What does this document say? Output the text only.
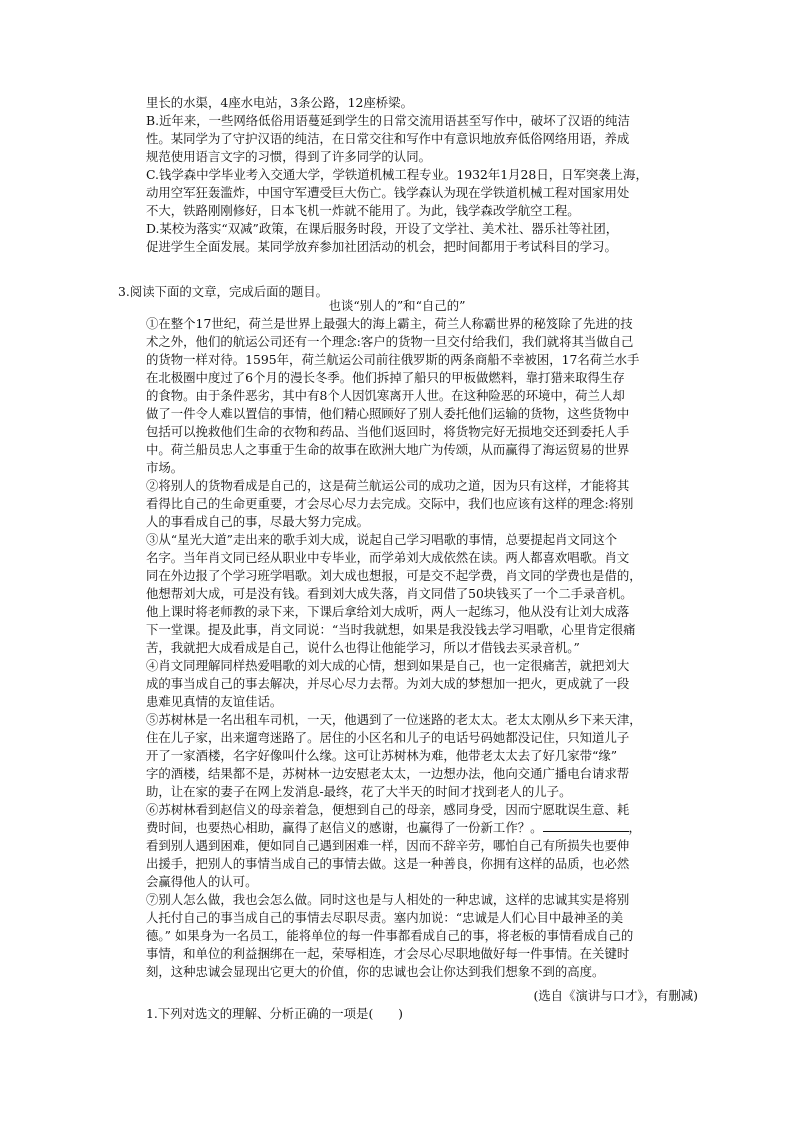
里长的水渠，4座水电站，3条公路，12座桥梁。
B.近年来，一些网络低俗用语蔓延到学生的日常交流用语甚至写作中，破坏了汉语的纯洁
性。某同学为了守护汉语的纯洁，在日常交往和写作中有意识地放弃低俗网络用语，养成
规范使用语言文字的习惯，得到了许多同学的认同。
C.钱学森中学毕业考入交通大学，学铁道机械工程专业。1932年1月28日，日军突袭上海，
动用空军狂轰滥炸，中国守军遭受巨大伤亡。钱学森认为现在学铁道机械工程对国家用处
不大，铁路刚刚修好，日本飞机一炸就不能用了。为此，钱学森改学航空工程。
D.某校为落实“双减”政策，在课后服务时段，开设了文学社、美术社、器乐社等社团，
促进学生全面发展。某同学放弃参加社团活动的机会，把时间都用于考试科目的学习。
3.阅读下面的文章，完成后面的题目。
也谈“别人的”和“自己的”
①在整个17世纪，荷兰是世界上最强大的海上霸主，荷兰人称霸世界的秘笈除了先进的技
术之外，他们的航运公司还有一个理念:客户的货物一旦交付给我们，我们就将其当做自己
的货物一样对待。1595年，荷兰航运公司前往俄罗斯的两条商船不幸被困，17名荷兰水手
在北极圈中度过了6个月的漫长冬季。他们拆掉了船只的甲板做燃料，靠打猎来取得生存
的食物。由于条件恶劣，其中有8个人因饥寒离开人世。在这种险恶的环境中，荷兰人却
做了一件令人难以置信的事情，他们精心照顾好了别人委托他们运输的货物，这些货物中
包括可以挽救他们生命的衣物和药品、当他们返回时，将货物完好无损地交还到委托人手
中。荷兰船员忠人之事重于生命的故事在欧洲大地广为传颂，从而赢得了海运贸易的世界
市场。
②将别人的货物看成是自己的，这是荷兰航运公司的成功之道，因为只有这样，才能将其
看得比自己的生命更重要，才会尽心尽力去完成。交际中，我们也应该有这样的理念:将别
人的事看成自己的事，尽最大努力完成。
③从“星光大道”走出来的歌手刘大成，说起自己学习唱歌的事情，总要提起肖文同这个
名字。当年肖文同已经从职业中专毕业，而学弟刘大成依然在读。两人都喜欢唱歌。肖文
同在外边报了个学习班学唱歌。刘大成也想报，可是交不起学费，肖文同的学费也是借的，
他想帮刘大成，可是没有钱。看到刘大成失落，肖文同借了50块钱买了一个二手录音机。
他上课时将老师教的录下来，下课后拿给刘大成听，两人一起练习，他从没有让刘大成落
下一堂课。提及此事，肖文同说：“当时我就想，如果是我没钱去学习唱歌，心里肯定很痛
苦，我就把大成看成是自己，说什么也得让他能学习，所以才借钱去买录音机。”
④肖文同理解同样热爱唱歌的刘大成的心情，想到如果是自己，也一定很痛苦，就把刘大
成的事当成自己的事去解决，并尽心尽力去帮。为刘大成的梦想加一把火，更成就了一段
患难见真情的友谊佳话。
⑤苏树林是一名出租车司机，一天，他遇到了一位迷路的老太太。老太太刚从乡下来天津，
住在儿子家，出来遛弯迷路了。居住的小区名和儿子的电话号码她都没记住，只知道儿子
开了一家酒楼，名字好像叫什么缘。这可让苏树林为难，他带老太太去了好几家带“缘”
字的酒楼，结果都不是，苏树林一边安慰老太太，一边想办法，他向交通广播电台请求帮
助，让在家的妻子在网上发消息-最终，花了大半天的时间才找到老人的儿子。
⑥苏树林看到赵信义的母亲着急，便想到自己的母亲，感同身受，因而宁愿耽误生意、耗
费时间，也要热心相助，赢得了赵信义的感谢，也赢得了一份新工作？。	，
看到别人遇到困难，便如同自己遇到困难一样，因而不辞辛劳，哪怕自己有所损失也要伸
出援手，把别人的事情当成自己的事情去做。这是一种善良，你拥有这样的品质，也必然
会赢得他人的认可。
⑦别人怎么做，我也会怎么做。同时这也是与人相处的一种忠诚，这样的忠诚其实是将别
人托付自己的事当成自己的事情去尽职尽责。塞内加说：“忠诚是人们心目中最神圣的美
德。” 如果身为一名员工，能将单位的每一件事都看成自己的事，将老板的事情看成自己的
事情，和单位的利益捆绑在一起，荣辱相连，才会尽心尽职地做好每一件事情。在关键时
刻，这种忠诚会显现出它更大的价值，你的忠诚也会让你达到我们想象不到的高度。
(选自《演讲与口才》，有删减)
1.下列对选文的理解、分析正确的一项是(　　)
